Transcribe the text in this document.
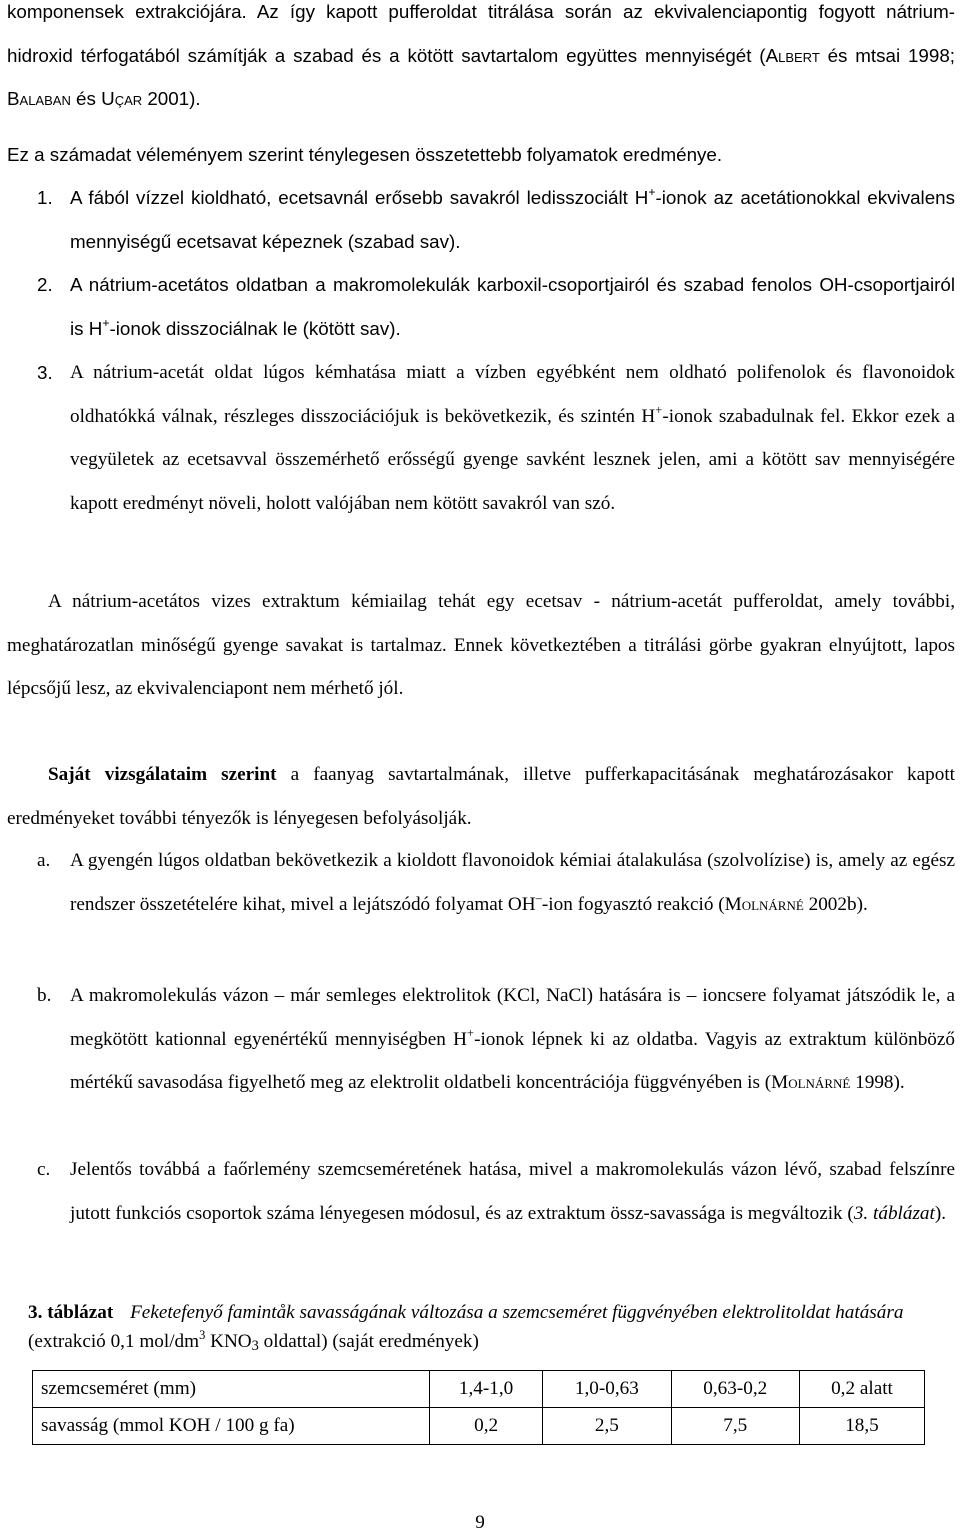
komponensek extrakciójára. Az így kapott pufferoldat titrálása során az ekvivalenciapontig fogyott nátrium-hidroxid térfogatából számítják a szabad és a kötött savtartalom együttes mennyiségét (Albert és mtsai 1998; Balaban és Uçar 2001).

Ez a számadat véleményem szerint ténylegesen összetettebb folyamatok eredménye.

1. A fából vízzel kioldható, ecetsavnál erősebb savakról ledisszociált H+-ionok az acetátionokkal ekvivalens mennyiségű ecetsavat képeznek (szabad sav).
2. A nátrium-acetátos oldatban a makromolekulák karboxil-csoportjairól és szabad fenolos OH-csoportjairól is H+-ionok disszociálnak le (kötött sav).
3. A nátrium-acetát oldat lúgos kémhatása miatt a vízben egyébként nem oldható polifenolok és flavonoidok oldhatókká válnak, részleges disszociációjuk is bekövetkezik, és szintén H+-ionok szabadulnak fel. Ekkor ezek a vegyületek az ecetsavval összemérhető erősségű gyenge savként lesznek jelen, ami a kötött sav mennyiségére kapott eredményt növeli, holott valójában nem kötött savakról van szó.

A nátrium-acetátos vizes extraktum kémiailag tehát egy ecetsav - nátrium-acetát pufferoldat, amely további, meghatározatlan minőségű gyenge savakat is tartalmaz. Ennek következtében a titrálási görbe gyakran elnyújtott, lapos lépcsőjű lesz, az ekvivalenciapont nem mérhető jól.

Saját vizsgálataim szerint a faanyag savtartalmának, illetve pufferkapacitásának meghatározásakor kapott eredményeket további tényezők is lényegesen befolyásolják.

a. A gyengén lúgos oldatban bekövetkezik a kioldott flavonoidok kémiai átalakulása (szolvolízise) is, amely az egész rendszer összetételére kihat, mivel a lejátszódó folyamat OH–-ion fogyasztó reakció (Molnárné 2002b).
b. A makromolekulás vázon – már semleges elektrolitok (KCl, NaCl) hatására is – ioncsere folyamat játszódik le, a megkötött kationnal egyenértékű mennyiségben H+-ionok lépnek ki az oldatba. Vagyis az extraktum különböző mértékű savasodása figyelhető meg az elektrolit oldatbeli koncentrációja függvényében is (Molnárné 1998).
c. Jelentős továbbá a faőrlemény szemcseméretének hatása, mivel a makromolekulás vázon lévő, szabad felszínre jutott funkciós csoportok száma lényegesen módosul, és az extraktum össz-savassága is megváltozik (3. táblázat).

3. táblázat Feketefenyő famintåk savasságának változása a szemcseméret függvényében elektrolitoldat hatására (extrakció 0,1 mol/$dm^3$ $KNO_3$ oldattal) (saját eredmények)

szemcseméret (mm)	1,4-1,0	1,0-0,63	0,63-0,2	0,2 alatt
savasság (mmol KOH / 100 g fa)	0,2	2,5	7,5	18,5
9
